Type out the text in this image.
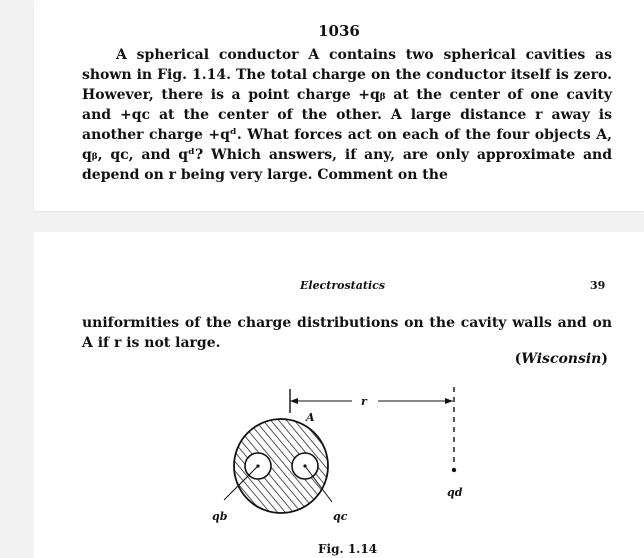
1036

A spherical conductor A contains two spherical cavities as shown in Fig. 1.14. The total charge on the conductor itself is zero. However, there is a point charge +qᵦ at the center of one cavity and +qᴄ at the center of the other. A large distance r away is another charge +qᵈ. What forces act on each of the four objects A, qᵦ, qᴄ, and qᵈ? Which answers, if any, are only approximate and depend on r being very large. Comment on the

Electrostatics	39

uniformities of the charge distributions on the cavity walls and on A if r is not large.

(Wisconsin)
A
r
qb	qc
qd
Fig. 1.14
